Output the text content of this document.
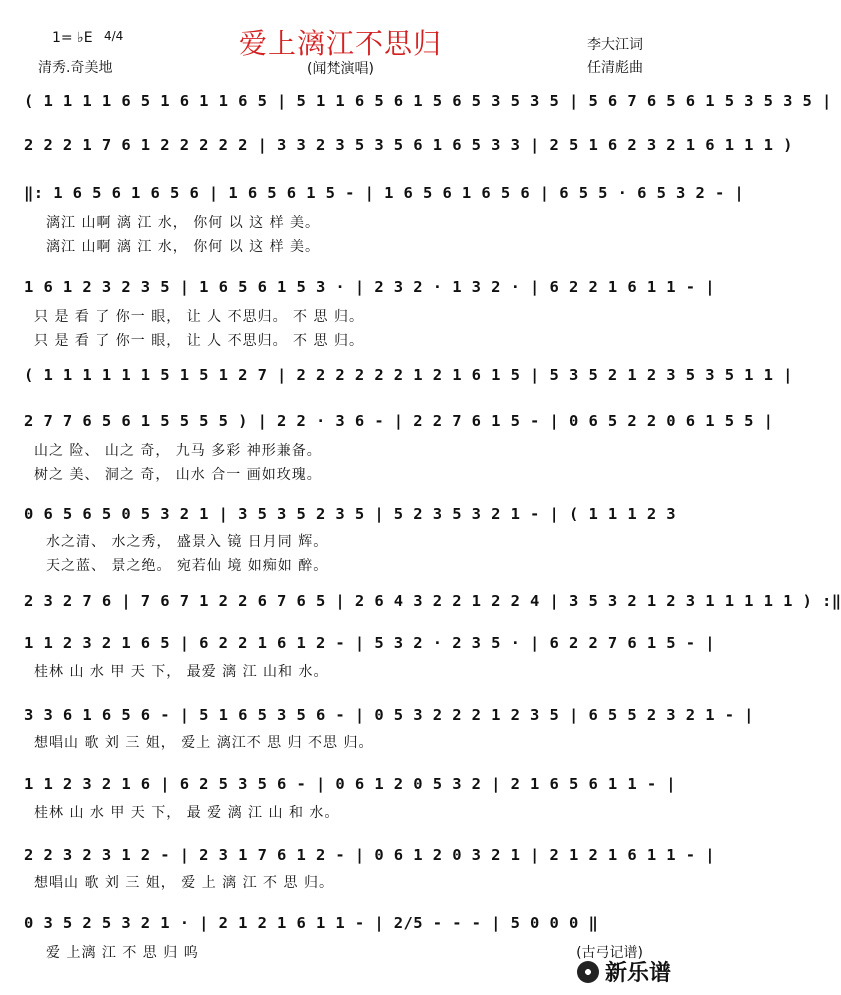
1= ♭E 4/4
清秀.奇美地
爱上漓江不思归
(闻梵演唱)
李大江词
任清彪曲
( 1 1 1 1 6 5 1 6 1 1 6 5 | 5 1 1 6 5 6 1 5 6 5 3 5 3 5 | 5 6 7 6 5 6 1 5 3 5 3 5 |
2 2 2 1 7 6 1 2 2 2 2 2 | 3 3 2 3 5 3 5 6 1 6 5 3 3 | 2 5 1 6 2 3 2 1 6 1 1 1 )
‖: 1 6 5 6 1 6 5 6 | 1 6 5 6 1 5 - | 1 6 5 6 1 6 5 6 | 6 5 5 · 6 5 3 2 - |
漓江 山啊 漓 江 水， 你何 以 这 样 美。
漓江 山啊 漓 江 水， 你何 以 这 样 美。
1 6 1 2 3 2 3 5 | 1 6 5 6 1 5 3 · | 2 3 2 · 1 3 2 · | 6 2 2 1 6 1 1 - |
只 是 看 了 你一 眼， 让 人 不思归。 不 思 归。
只 是 看 了 你一 眼， 让 人 不思归。 不 思 归。
( 1 1 1 1 1 1 5 1 5 1 2 7 | 2 2 2 2 2 2 1 2 1 6 1 5 | 5 3 5 2 1 2 3 5 3 5 1 1 |
2 7 7 6 5 6 1 5 5 5 5 ) | 2 2 · 3 6 - | 2 2 7 6 1 5 - | 0 6 5 2 2 0 6 1 5 5 |
山之 险、 山之 奇， 九马 多彩 神形兼备。
树之 美、 洞之 奇， 山水 合一 画如玫瑰。
0 6 5 6 5 0 5 3 2 1 | 3 5 3 5 2 3 5 | 5 2 3 5 3 2 1 - | ( 1 1 1 2 3
水之清、 水之秀， 盛景入 镜 日月同 辉。
天之蓝、 景之绝。 宛若仙 境 如痴如 醉。
2 3 2 7 6 | 7 6 7 1 2 2 6 7 6 5 | 2 6 4 3 2 2 1 2 2 4 | 3 5 3 2 1 2 3 1 1 1 1 1 ) :‖
1 1 2 3 2 1 6 5 | 6 2 2 1 6 1 2 - | 5 3 2 · 2 3 5 · | 6 2 2 7 6 1 5 - |
桂林 山 水 甲 天 下， 最爱 漓 江 山和 水。
3 3 6 1 6 5 6 - | 5 1 6 5 3 5 6 - | 0 5 3 2 2 2 1 2 3 5 | 6 5 5 2 3 2 1 - |
想唱山 歌 刘 三 姐， 爱上 漓江不 思 归 不思 归。
1 1 2 3 2 1 6 | 6 2 5 3 5 6 - | 0 6 1 2 0 5 3 2 | 2 1 6 5 6 1 1 - |
桂林 山 水 甲 天 下， 最 爱 漓 江 山 和 水。
2 2 3 2 3 1 2 - | 2 3 1 7 6 1 2 - | 0 6 1 2 0 3 2 1 | 2 1 2 1 6 1 1 - |
想唱山 歌 刘 三 姐， 爱 上 漓 江 不 思 归。
0 3 5 2 5 3 2 1 · | 2 1 2 1 6 1 1 - | 2/5 - - - | 5 0 0 0 ‖
爱 上漓 江 不 思 归 呜	(古弓记谱)
新乐谱
